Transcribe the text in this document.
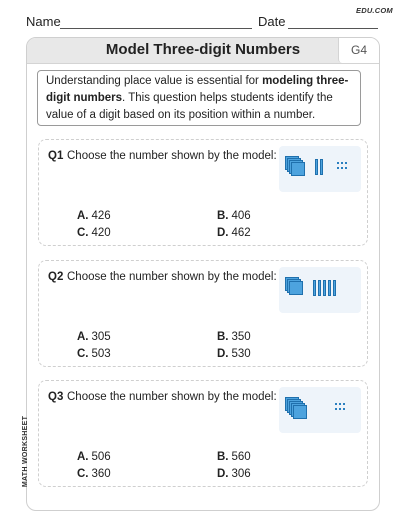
EDU.COM
Name	Date
Model Three-digit Numbers	G4
Understanding place value is essential for modeling three-digit numbers. This question helps students identify the value of a digit based on its position within a number.
Q1 Choose the number shown by the model:
A. 426	B. 406
C. 420	D. 462
Q2 Choose the number shown by the model:
A. 305	B. 350
C. 503	D. 530
Q3 Choose the number shown by the model:
A. 506	B. 560
C. 360	D. 306
MATH WORKSHEET
